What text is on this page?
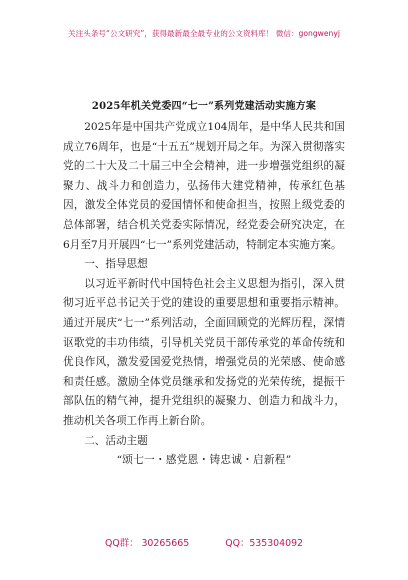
关注头条号“公文研究”，获得最新最全最专业的公文资料库！ 微信：gongwenyj
2025年机关党委四“七一”系列党建活动实施方案

2025年是中国共产党成立104周年，是中华人民共和国成立76周年，也是“十五五”规划开局之年。为深入贯彻落实党的二十大及二十届三中全会精神，进一步增强党组织的凝聚力、战斗力和创造力，弘扬伟大建党精神，传承红色基因，激发全体党员的爱国情怀和使命担当，按照上级党委的总体部署，结合机关党委实际情况，经党委会研究决定，在6月至7月开展四“七一”系列党建活动，特制定本实施方案。

一、指导思想

以习近平新时代中国特色社会主义思想为指引，深入贯彻习近平总书记关于党的建设的重要思想和重要指示精神。通过开展庆“七一”系列活动，全面回顾党的光辉历程，深情讴歌党的丰功伟绩，引导机关党员干部传承党的革命传统和优良作风，激发爱国爱党热情，增强党员的光荣感、使命感和责任感。激励全体党员继承和发扬党的光荣传统，提振干部队伍的精气神，提升党组织的凝聚力、创造力和战斗力，推动机关各项工作再上新台阶。

二、活动主题
“颂七一・感党恩・铸忠诚・启新程”
QQ群： 30265665	QQ：535304092
